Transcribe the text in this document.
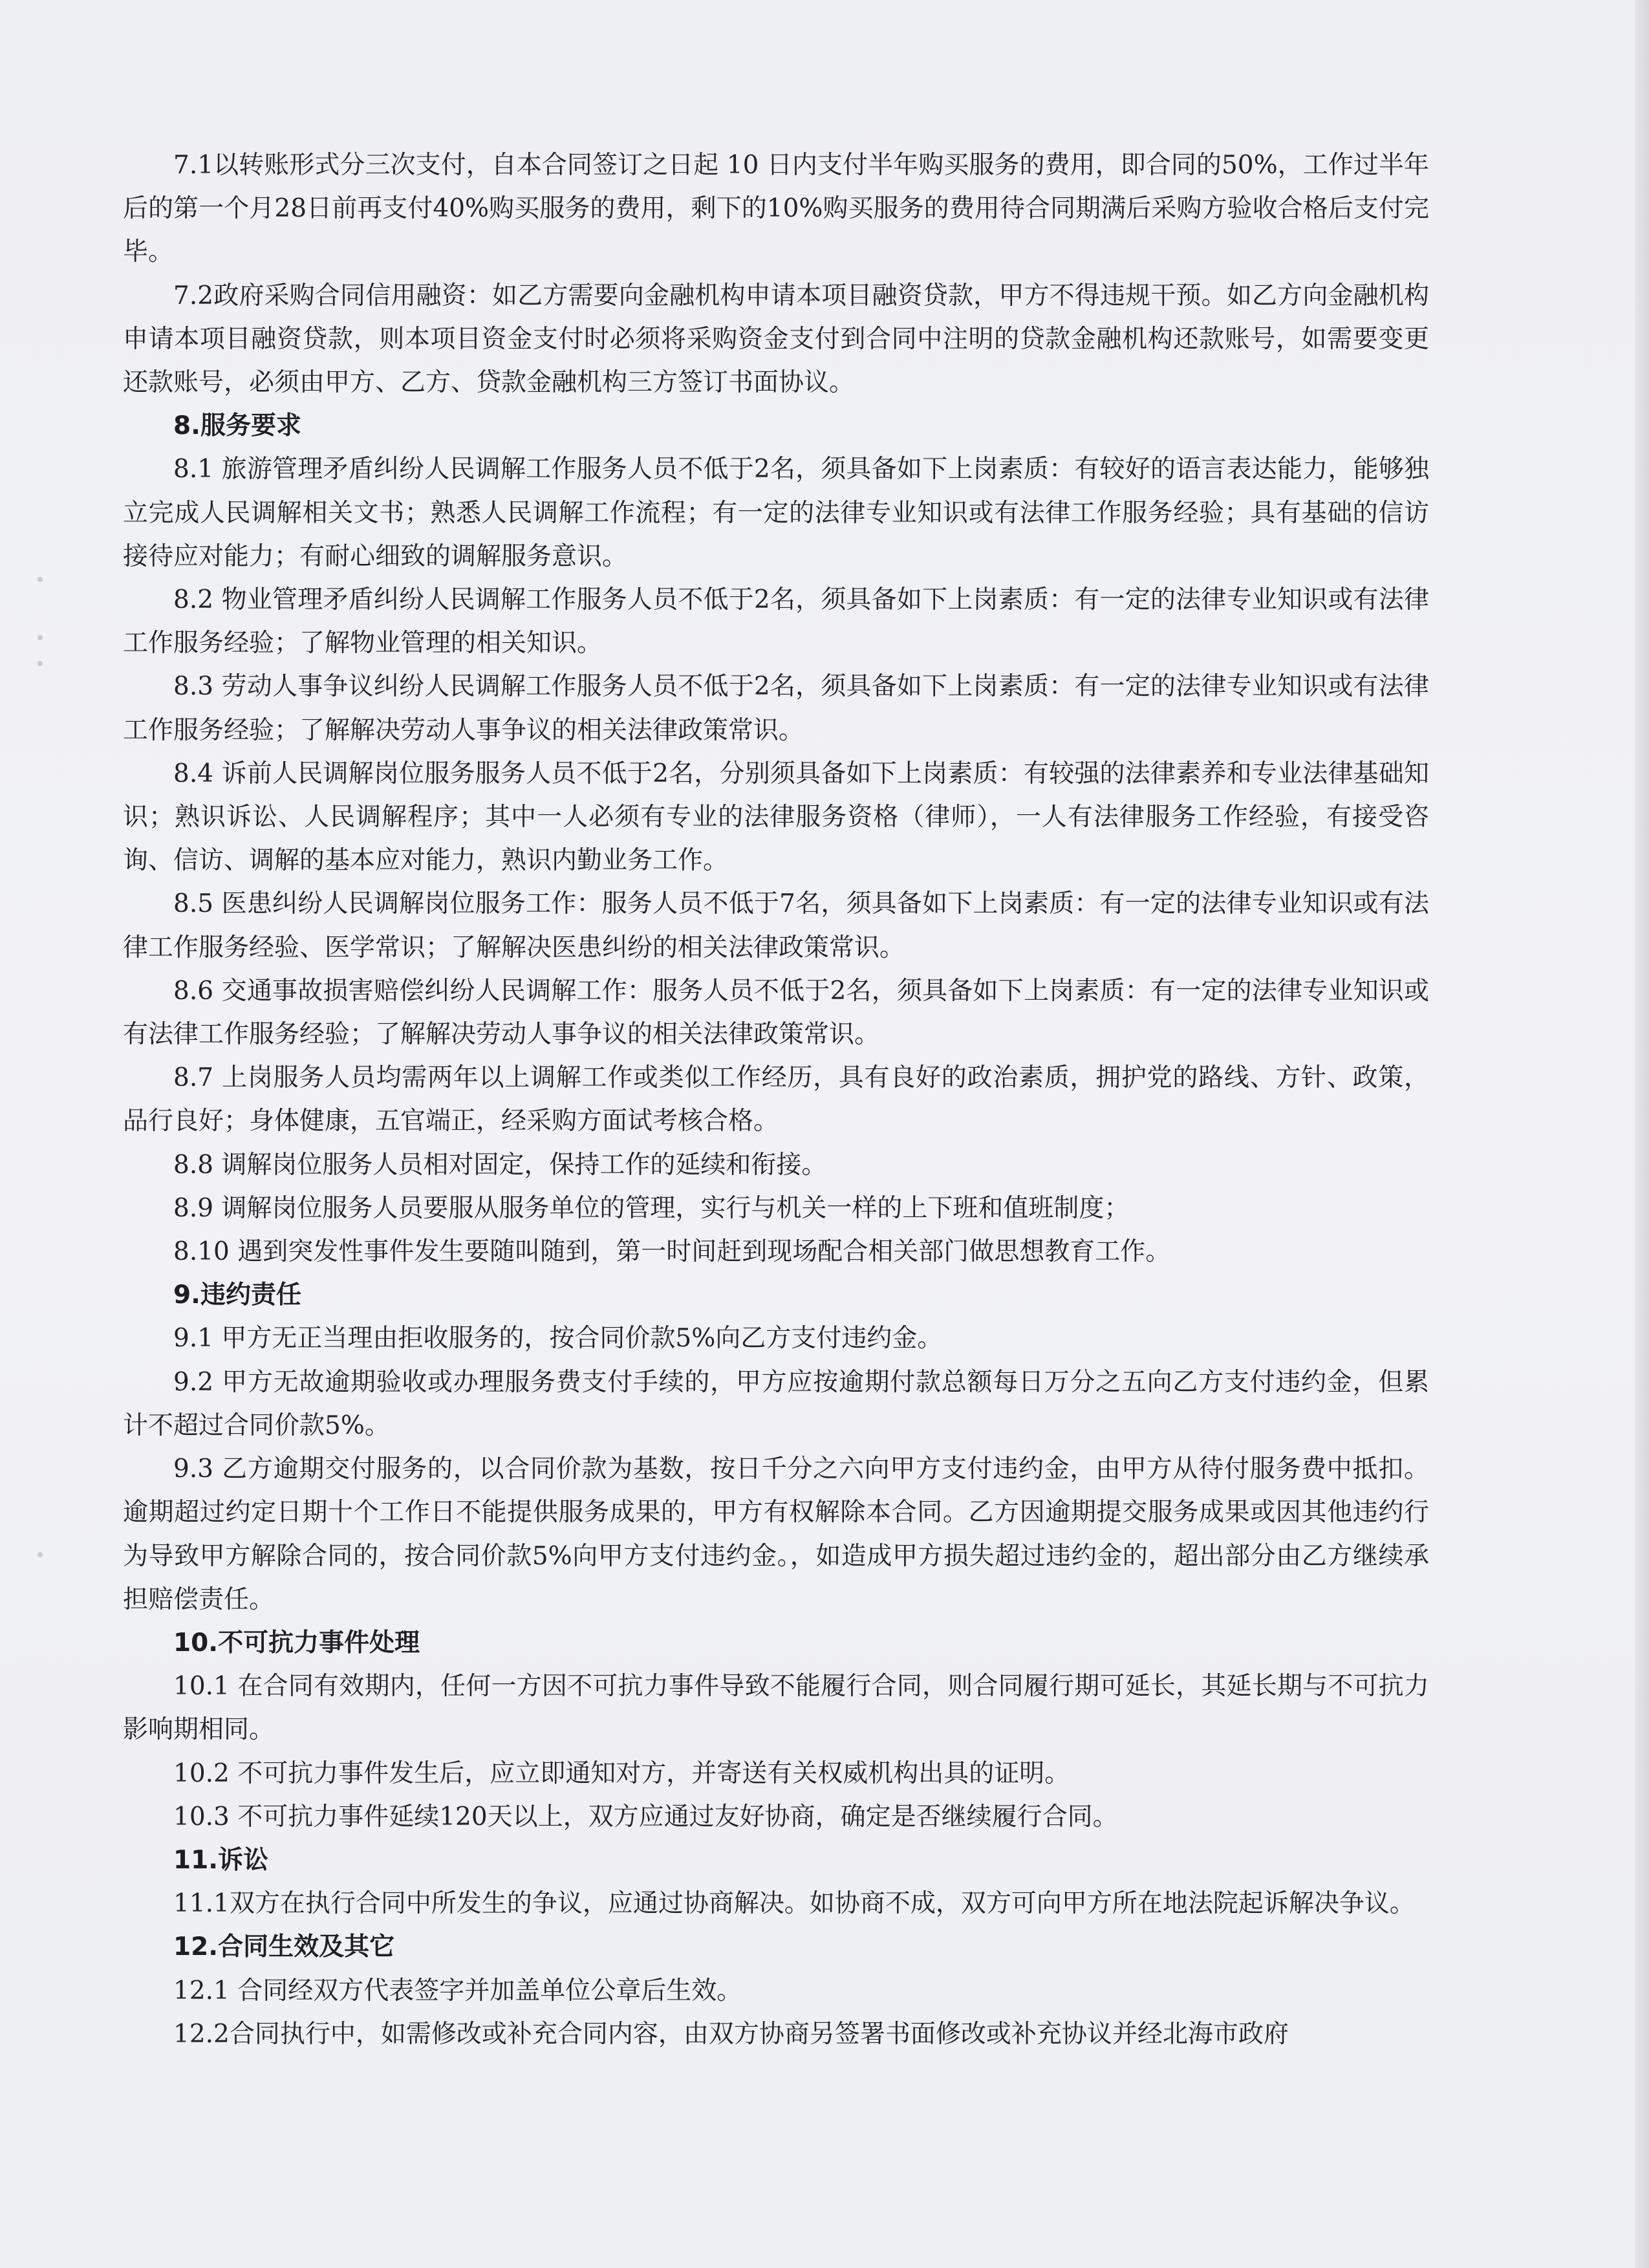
7.1以转账形式分三次支付，自本合同签订之日起 10 日内支付半年购买服务的费用，即合同的50%，工作过半年后的第一个月28日前再支付40%购买服务的费用，剩下的10%购买服务的费用待合同期满后采购方验收合格后支付完毕。

7.2政府采购合同信用融资：如乙方需要向金融机构申请本项目融资贷款，甲方不得违规干预。如乙方向金融机构申请本项目融资贷款，则本项目资金支付时必须将采购资金支付到合同中注明的贷款金融机构还款账号，如需要变更还款账号，必须由甲方、乙方、贷款金融机构三方签订书面协议。

8.服务要求

8.1 旅游管理矛盾纠纷人民调解工作服务人员不低于2名，须具备如下上岗素质：有较好的语言表达能力，能够独立完成人民调解相关文书；熟悉人民调解工作流程；有一定的法律专业知识或有法律工作服务经验；具有基础的信访接待应对能力；有耐心细致的调解服务意识。

8.2 物业管理矛盾纠纷人民调解工作服务人员不低于2名，须具备如下上岗素质：有一定的法律专业知识或有法律工作服务经验；了解物业管理的相关知识。

8.3 劳动人事争议纠纷人民调解工作服务人员不低于2名，须具备如下上岗素质：有一定的法律专业知识或有法律工作服务经验；了解解决劳动人事争议的相关法律政策常识。

8.4 诉前人民调解岗位服务服务人员不低于2名，分别须具备如下上岗素质：有较强的法律素养和专业法律基础知识；熟识诉讼、人民调解程序；其中一人必须有专业的法律服务资格（律师），一人有法律服务工作经验，有接受咨询、信访、调解的基本应对能力，熟识内勤业务工作。

8.5 医患纠纷人民调解岗位服务工作：服务人员不低于7名，须具备如下上岗素质：有一定的法律专业知识或有法律工作服务经验、医学常识；了解解决医患纠纷的相关法律政策常识。

8.6 交通事故损害赔偿纠纷人民调解工作：服务人员不低于2名，须具备如下上岗素质：有一定的法律专业知识或有法律工作服务经验；了解解决劳动人事争议的相关法律政策常识。

8.7 上岗服务人员均需两年以上调解工作或类似工作经历，具有良好的政治素质，拥护党的路线、方针、政策，品行良好；身体健康，五官端正，经采购方面试考核合格。

8.8 调解岗位服务人员相对固定，保持工作的延续和衔接。

8.9 调解岗位服务人员要服从服务单位的管理，实行与机关一样的上下班和值班制度；

8.10 遇到突发性事件发生要随叫随到，第一时间赶到现场配合相关部门做思想教育工作。

9.违约责任

9.1 甲方无正当理由拒收服务的，按合同价款5%向乙方支付违约金。

9.2 甲方无故逾期验收或办理服务费支付手续的，甲方应按逾期付款总额每日万分之五向乙方支付违约金，但累计不超过合同价款5%。

9.3 乙方逾期交付服务的，以合同价款为基数，按日千分之六向甲方支付违约金，由甲方从待付服务费中抵扣。逾期超过约定日期十个工作日不能提供服务成果的，甲方有权解除本合同。乙方因逾期提交服务成果或因其他违约行为导致甲方解除合同的，按合同价款5%向甲方支付违约金。，如造成甲方损失超过违约金的，超出部分由乙方继续承担赔偿责任。

10.不可抗力事件处理

10.1 在合同有效期内，任何一方因不可抗力事件导致不能履行合同，则合同履行期可延长，其延长期与不可抗力影响期相同。

10.2 不可抗力事件发生后，应立即通知对方，并寄送有关权威机构出具的证明。

10.3 不可抗力事件延续120天以上，双方应通过友好协商，确定是否继续履行合同。

11.诉讼

11.1双方在执行合同中所发生的争议，应通过协商解决。如协商不成，双方可向甲方所在地法院起诉解决争议。

12.合同生效及其它

12.1 合同经双方代表签字并加盖单位公章后生效。

12.2合同执行中，如需修改或补充合同内容，由双方协商另签署书面修改或补充协议并经北海市政府
